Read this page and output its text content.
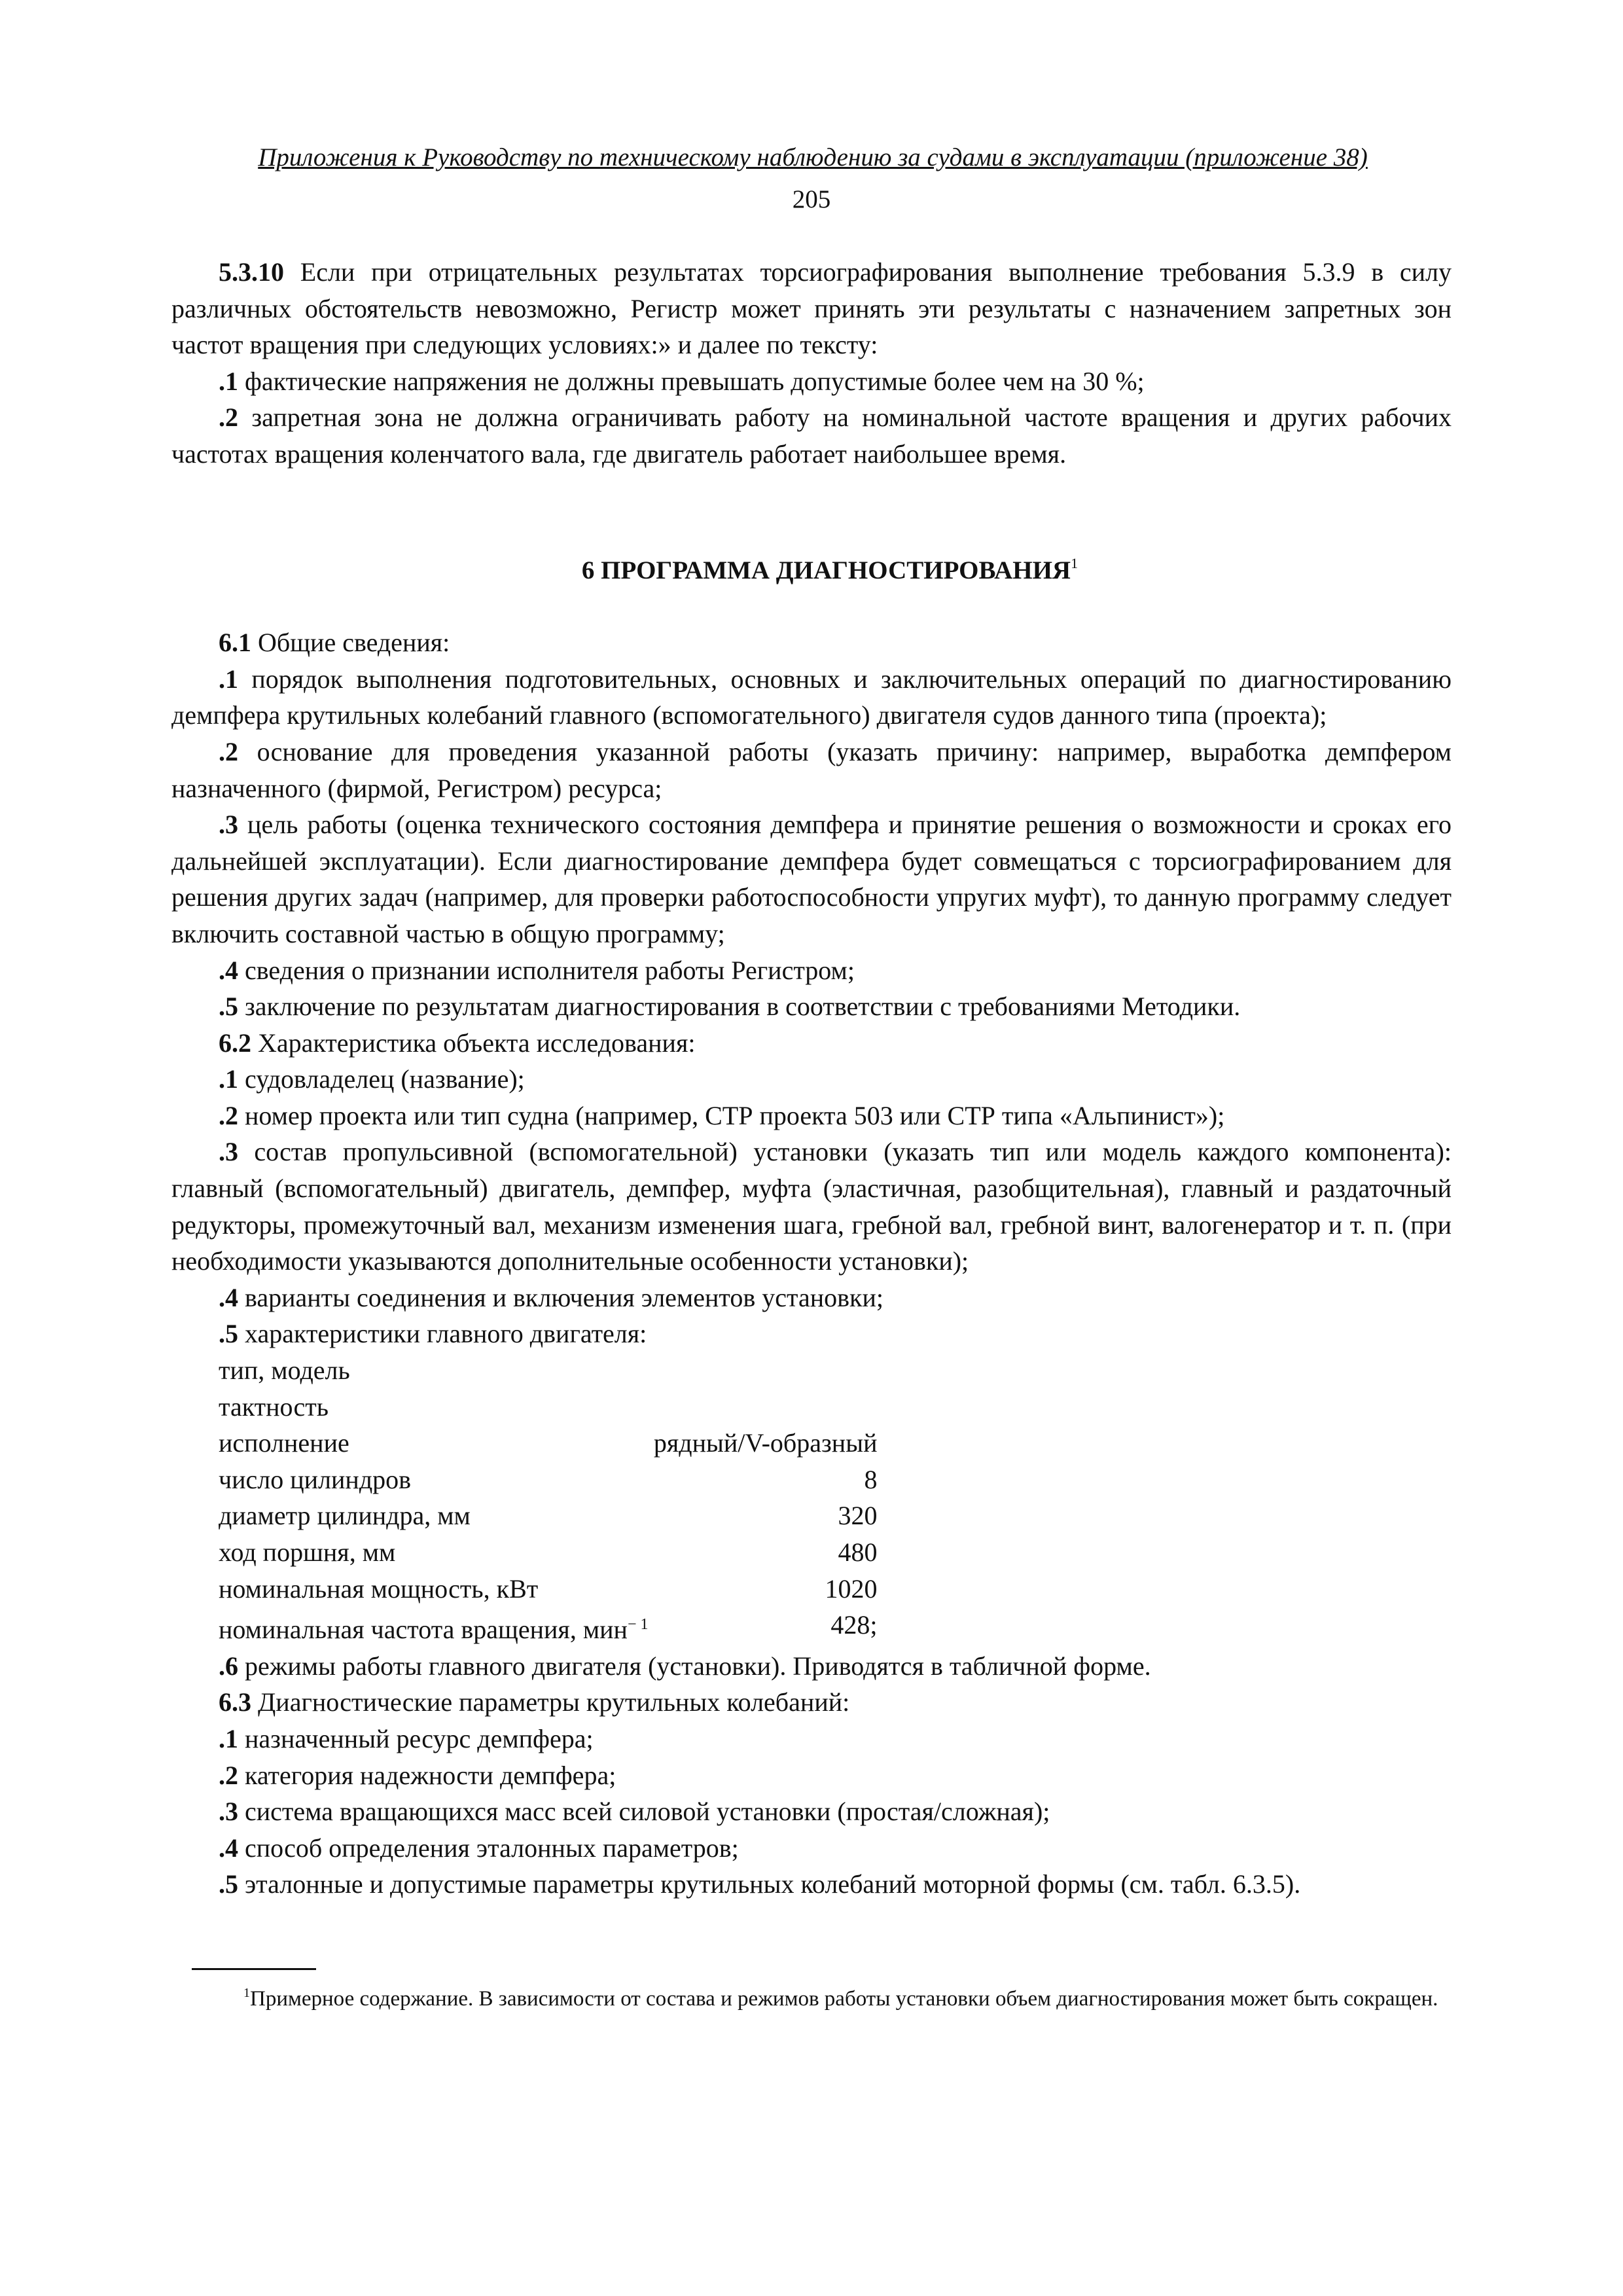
Приложения к Руководству по техническому наблюдению за судами в эксплуатации (приложение 38)
205

5.3.10 Если при отрицательных результатах торсиографирования выполнение требования 5.3.9 в силу различных обстоятельств невозможно, Регистр может принять эти результаты с назначением запретных зон частот вращения при следующих условиях:» и далее по тексту:

.1 фактические напряжения не должны превышать допустимые более чем на 30 %;

.2 запретная зона не должна ограничивать работу на номинальной частоте вращения и других рабочих частотах вращения коленчатого вала, где двигатель работает наибольшее время.

6 ПРОГРАММА ДИАГНОСТИРОВАНИЯ$^1$

6.1 Общие сведения:

.1 порядок выполнения подготовительных, основных и заключительных операций по диагностированию демпфера крутильных колебаний главного (вспомогательного) двигателя судов данного типа (проекта);

.2 основание для проведения указанной работы (указать причину: например, выработка демпфером назначенного (фирмой, Регистром) ресурса;

.3 цель работы (оценка технического состояния демпфера и принятие решения о возможности и сроках его дальнейшей эксплуатации). Если диагностирование демпфера будет совмещаться с торсиографированием для решения других задач (например, для проверки работоспособности упругих муфт), то данную программу следует включить составной частью в общую программу;

.4 сведения о признании исполнителя работы Регистром;

.5 заключение по результатам диагностирования в соответствии с требованиями Методики.

6.2 Характеристика объекта исследования:

.1 судовладелец (название);

.2 номер проекта или тип судна (например, СТР проекта 503 или СТР типа «Альпинист»);

.3 состав пропульсивной (вспомогательной) установки (указать тип или модель каждого компонента): главный (вспомогательный) двигатель, демпфер, муфта (эластичная, разобщительная), главный и раздаточный редукторы, промежуточный вал, механизм изменения шага, гребной вал, гребной винт, валогенератор и т. п. (при необходимости указываются дополнительные особенности установки);

.4 варианты соединения и включения элементов установки;

.5 характеристики главного двигателя:

тип, модель	
тактность	
исполнение	рядный/V-образный
число цилиндров	8
диаметр цилиндра, мм	320
ход поршня, мм	480
номинальная мощность, кВт	1020
номинальная частота вращения, мин$^{- 1}$	428;

.6 режимы работы главного двигателя (установки). Приводятся в табличной форме.

6.3 Диагностические параметры крутильных колебаний:

.1 назначенный ресурс демпфера;

.2 категория надежности демпфера;

.3 система вращающихся масс всей силовой установки (простая/сложная);

.4 способ определения эталонных параметров;

.5 эталонные и допустимые параметры крутильных колебаний моторной формы (см. табл. 6.3.5).

$^1$Примерное содержание. В зависимости от состава и режимов работы установки объем диагностирования может быть сокращен.
